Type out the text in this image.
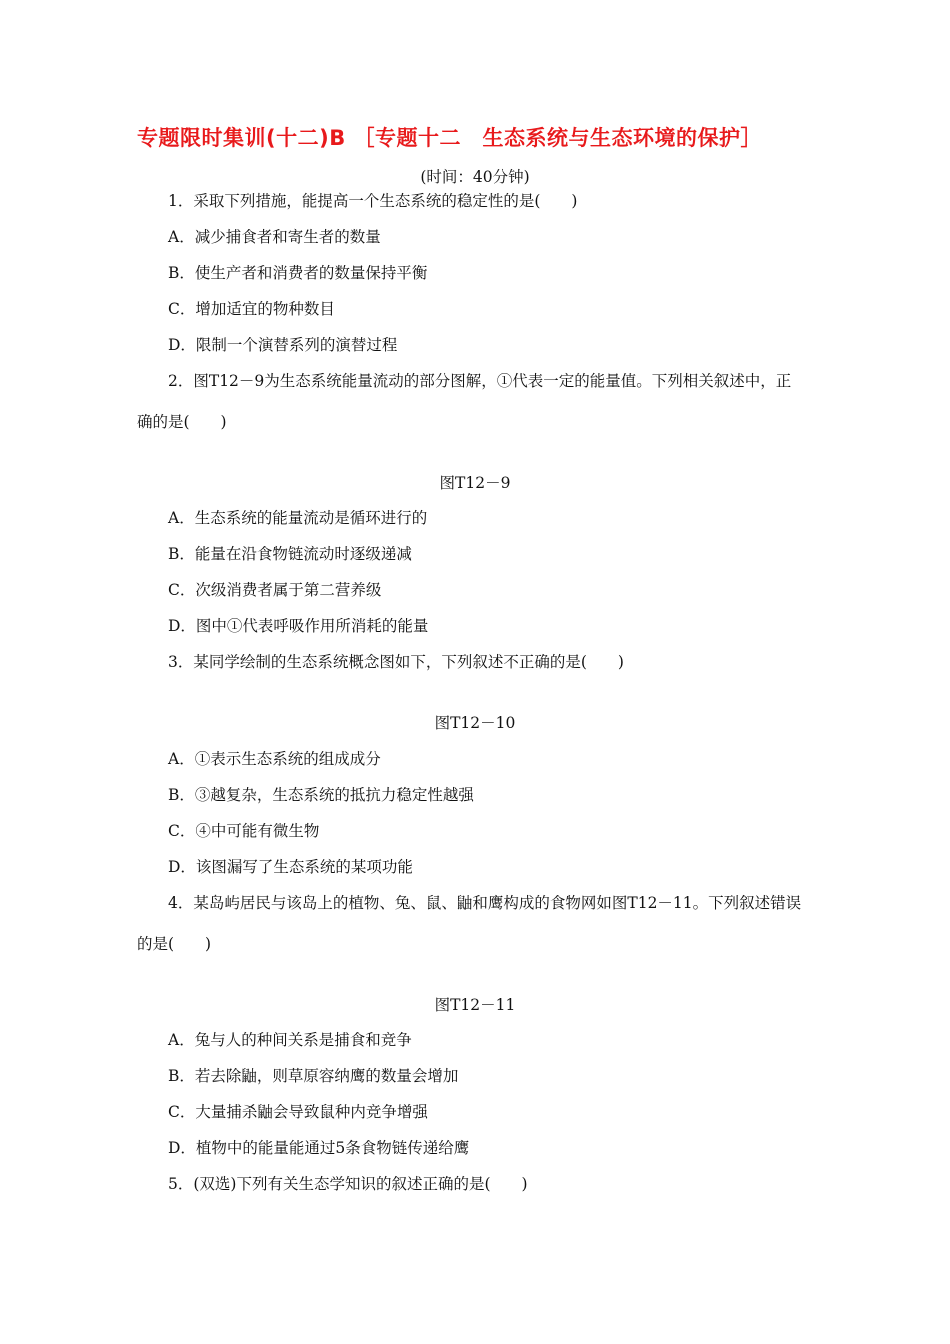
专题限时集训(十二)B ［专题十二　生态系统与生态环境的保护］
(时间：40分钟)
1．采取下列措施，能提高一个生态系统的稳定性的是(　　)
A．减少捕食者和寄生者的数量
B．使生产者和消费者的数量保持平衡
C．增加适宜的物种数目
D．限制一个演替系列的演替过程
2．图T12－9为生态系统能量流动的部分图解，①代表一定的能量值。下列相关叙述中，正
确的是(　　)
图T12－9
A．生态系统的能量流动是循环进行的
B．能量在沿食物链流动时逐级递减
C．次级消费者属于第二营养级
D．图中①代表呼吸作用所消耗的能量
3．某同学绘制的生态系统概念图如下，下列叙述不正确的是(　　)
图T12－10
A．①表示生态系统的组成成分
B．③越复杂，生态系统的抵抗力稳定性越强
C．④中可能有微生物
D．该图漏写了生态系统的某项功能
4．某岛屿居民与该岛上的植物、兔、鼠、鼬和鹰构成的食物网如图T12－11。下列叙述错误
的是(　　)
图T12－11
A．兔与人的种间关系是捕食和竞争
B．若去除鼬，则草原容纳鹰的数量会增加
C．大量捕杀鼬会导致鼠种内竞争增强
D．植物中的能量能通过5条食物链传递给鹰
5．(双选)下列有关生态学知识的叙述正确的是(　　)
